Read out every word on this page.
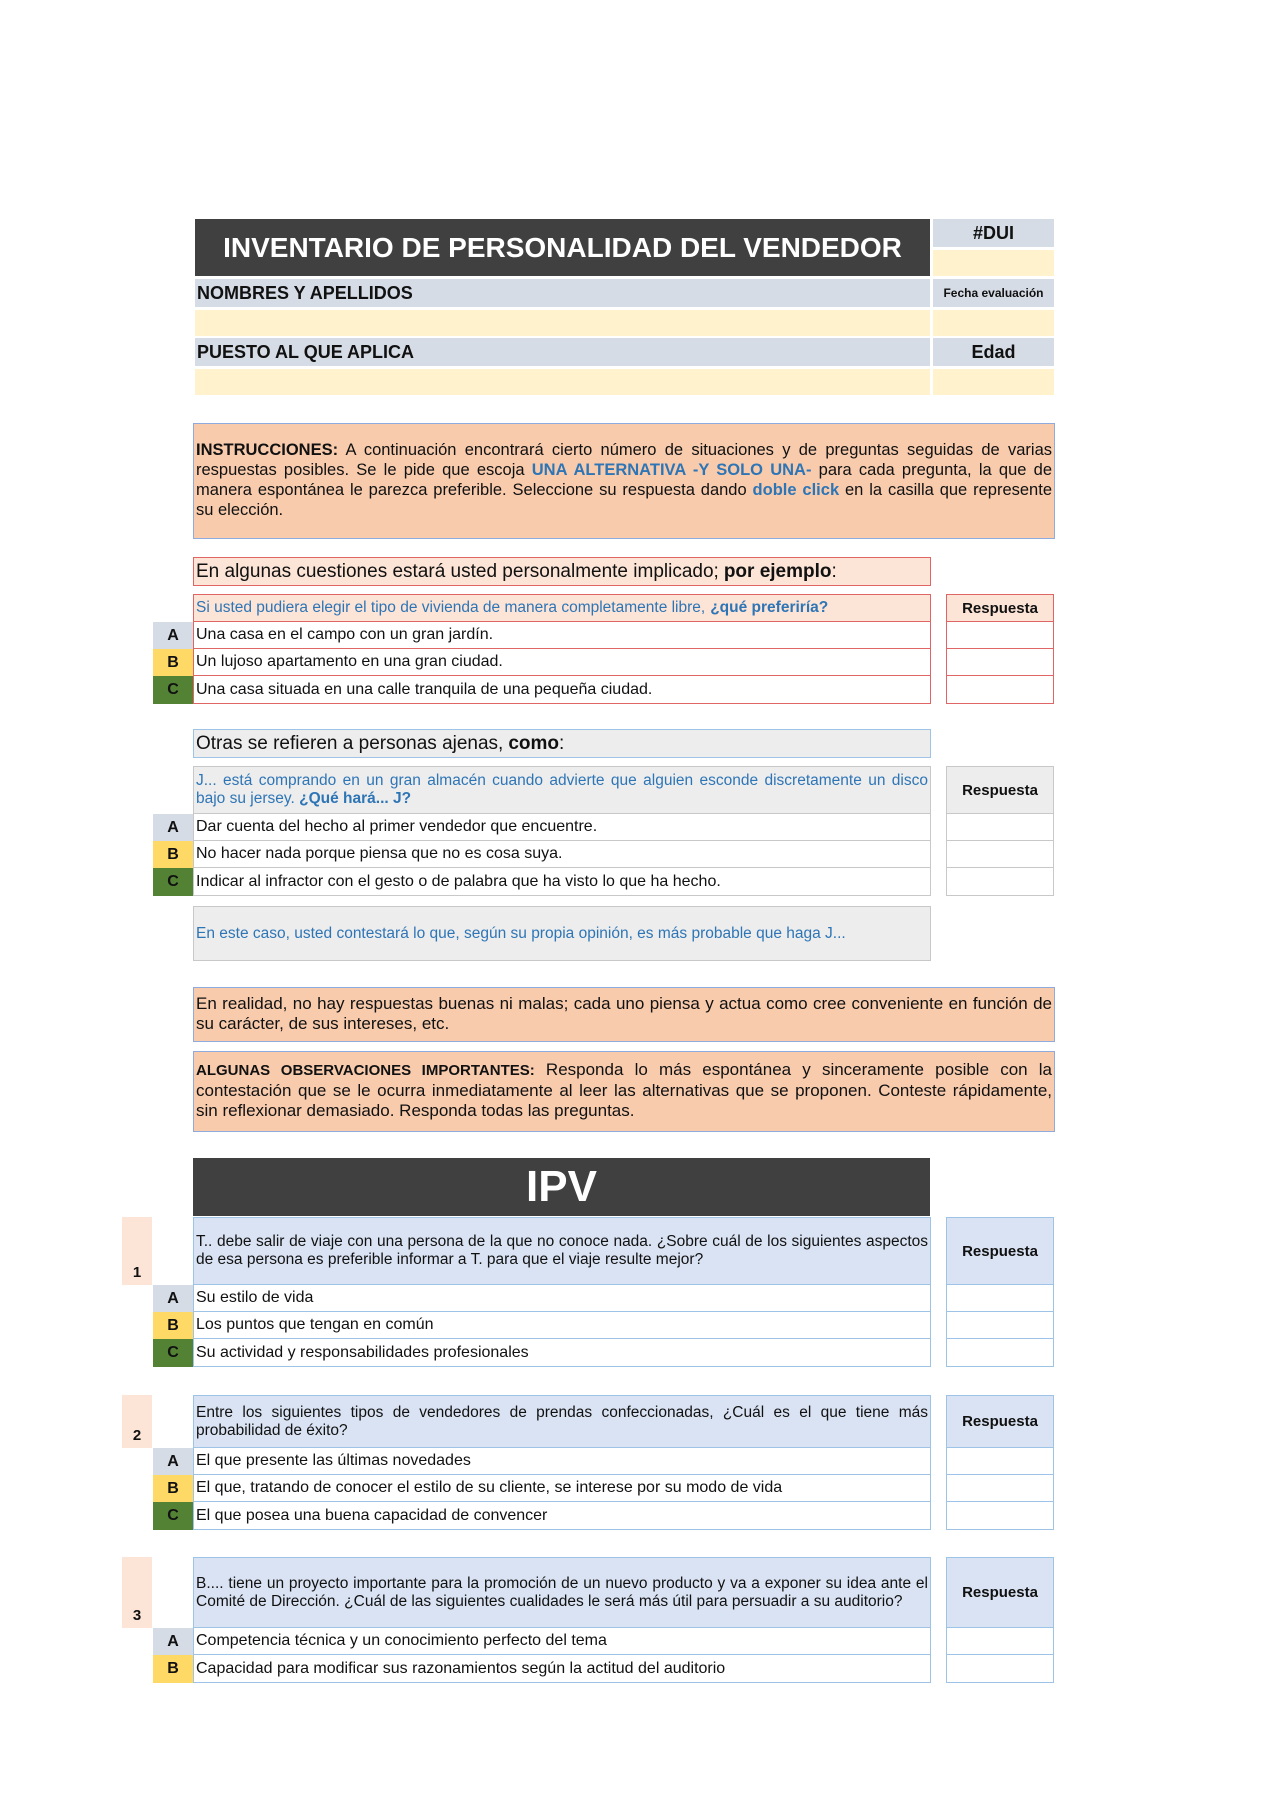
INVENTARIO DE PERSONALIDAD DEL VENDEDOR	#DUI
NOMBRES Y APELLIDOS	Fecha evaluación
PUESTO AL QUE APLICA	Edad
INSTRUCCIONES: A continuación encontrará cierto número de situaciones y de preguntas seguidas de varias respuestas posibles. Se le pide que escoja UNA ALTERNATIVA -Y SOLO UNA- para cada pregunta, la que de manera espontánea le parezca preferible. Seleccione su respuesta dando doble click en la casilla que represente su elección.
En algunas cuestiones estará usted personalmente implicado; por ejemplo :
Si usted pudiera elegir el tipo de vivienda de manera completamente libre, ¿qué preferiría?	Respuesta
A Una casa en el campo con un gran jardín.
B Un lujoso apartamento en una gran ciudad.
C Una casa situada en una calle tranquila de una pequeña ciudad.
Otras se refieren a personas ajenas, como :
J... está comprando en un gran almacén cuando advierte que alguien esconde discretamente un disco bajo su jersey. ¿Qué hará... J?	Respuesta
A Dar cuenta del hecho al primer vendedor que encuentre.
B No hacer nada porque piensa que no es cosa suya.
C Indicar al infractor con el gesto o de palabra que ha visto lo que ha hecho.
En este caso, usted contestará lo que, según su propia opinión, es más probable que haga J...
En realidad, no hay respuestas buenas ni malas; cada uno piensa y actua como cree conveniente en función de su carácter, de sus intereses, etc.
ALGUNAS OBSERVACIONES IMPORTANTES: Responda lo más espontánea y sinceramente posible con la contestación que se le ocurra inmediatamente al leer las alternativas que se proponen. Conteste rápidamente, sin reflexionar demasiado. Responda todas las preguntas.
IPV
1
T.. debe salir de viaje con una persona de la que no conoce nada. ¿Sobre cuál de los siguientes aspectos de esa persona es preferible informar a T. para que el viaje resulte mejor?	Respuesta
A Su estilo de vida
B Los puntos que tengan en común
C Su actividad y responsabilidades profesionales
2
Entre los siguientes tipos de vendedores de prendas confeccionadas, ¿Cuál es el que tiene más probabilidad de éxito?	Respuesta
A El que presente las últimas novedades
B El que, tratando de conocer el estilo de su cliente, se interese por su modo de vida
C El que posea una buena capacidad de convencer
3
B.... tiene un proyecto importante para la promoción de un nuevo producto y va a exponer su idea ante el Comité de Dirección. ¿Cuál de las siguientes cualidades le será más útil para persuadir a su auditorio?	Respuesta
A Competencia técnica y un conocimiento perfecto del tema
B Capacidad para modificar sus razonamientos según la actitud del auditorio
